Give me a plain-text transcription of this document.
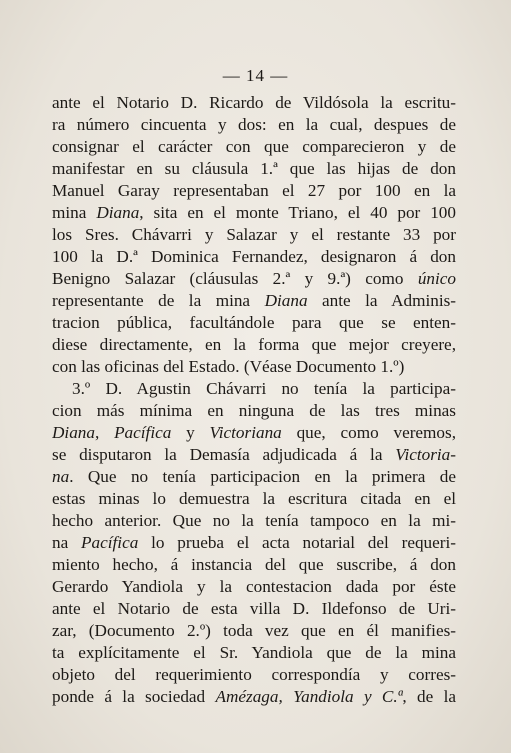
— 14 —
ante el Notario D. Ricardo de Vildósola la escritu-
ra número cincuenta y dos: en la cual, despues de
consignar el carácter con que comparecieron y de
manifestar en su cláusula 1.ª que las hijas de don
Manuel Garay representaban el 27 por 100 en la
mina Diana, sita en el monte Triano, el 40 por 100
los Sres. Chávarri y Salazar y el restante 33 por
100 la D.ª Dominica Fernandez, designaron á don
Benigno Salazar (cláusulas 2.ª y 9.ª) como único
representante de la mina Diana ante la Adminis-
tracion pública, facultándole para que se enten-
diese directamente, en la forma que mejor creyere,
con las oficinas del Estado. (Véase Documento 1.º)
3.º D. Agustin Chávarri no tenía la participa-
cion más mínima en ninguna de las tres minas
Diana, Pacífica y Victoriana que, como veremos,
se disputaron la Demasía adjudicada á la Victoria-
na. Que no tenía participacion en la primera de
estas minas lo demuestra la escritura citada en el
hecho anterior. Que no la tenía tampoco en la mi-
na Pacífica lo prueba el acta notarial del requeri-
miento hecho, á instancia del que suscribe, á don
Gerardo Yandiola y la contestacion dada por éste
ante el Notario de esta villa D. Ildefonso de Uri-
zar, (Documento 2.º) toda vez que en él manifies-
ta explícitamente el Sr. Yandiola que de la mina
objeto del requerimiento correspondía y corres-
ponde á la sociedad Amézaga, Yandiola y C.ª, de la
